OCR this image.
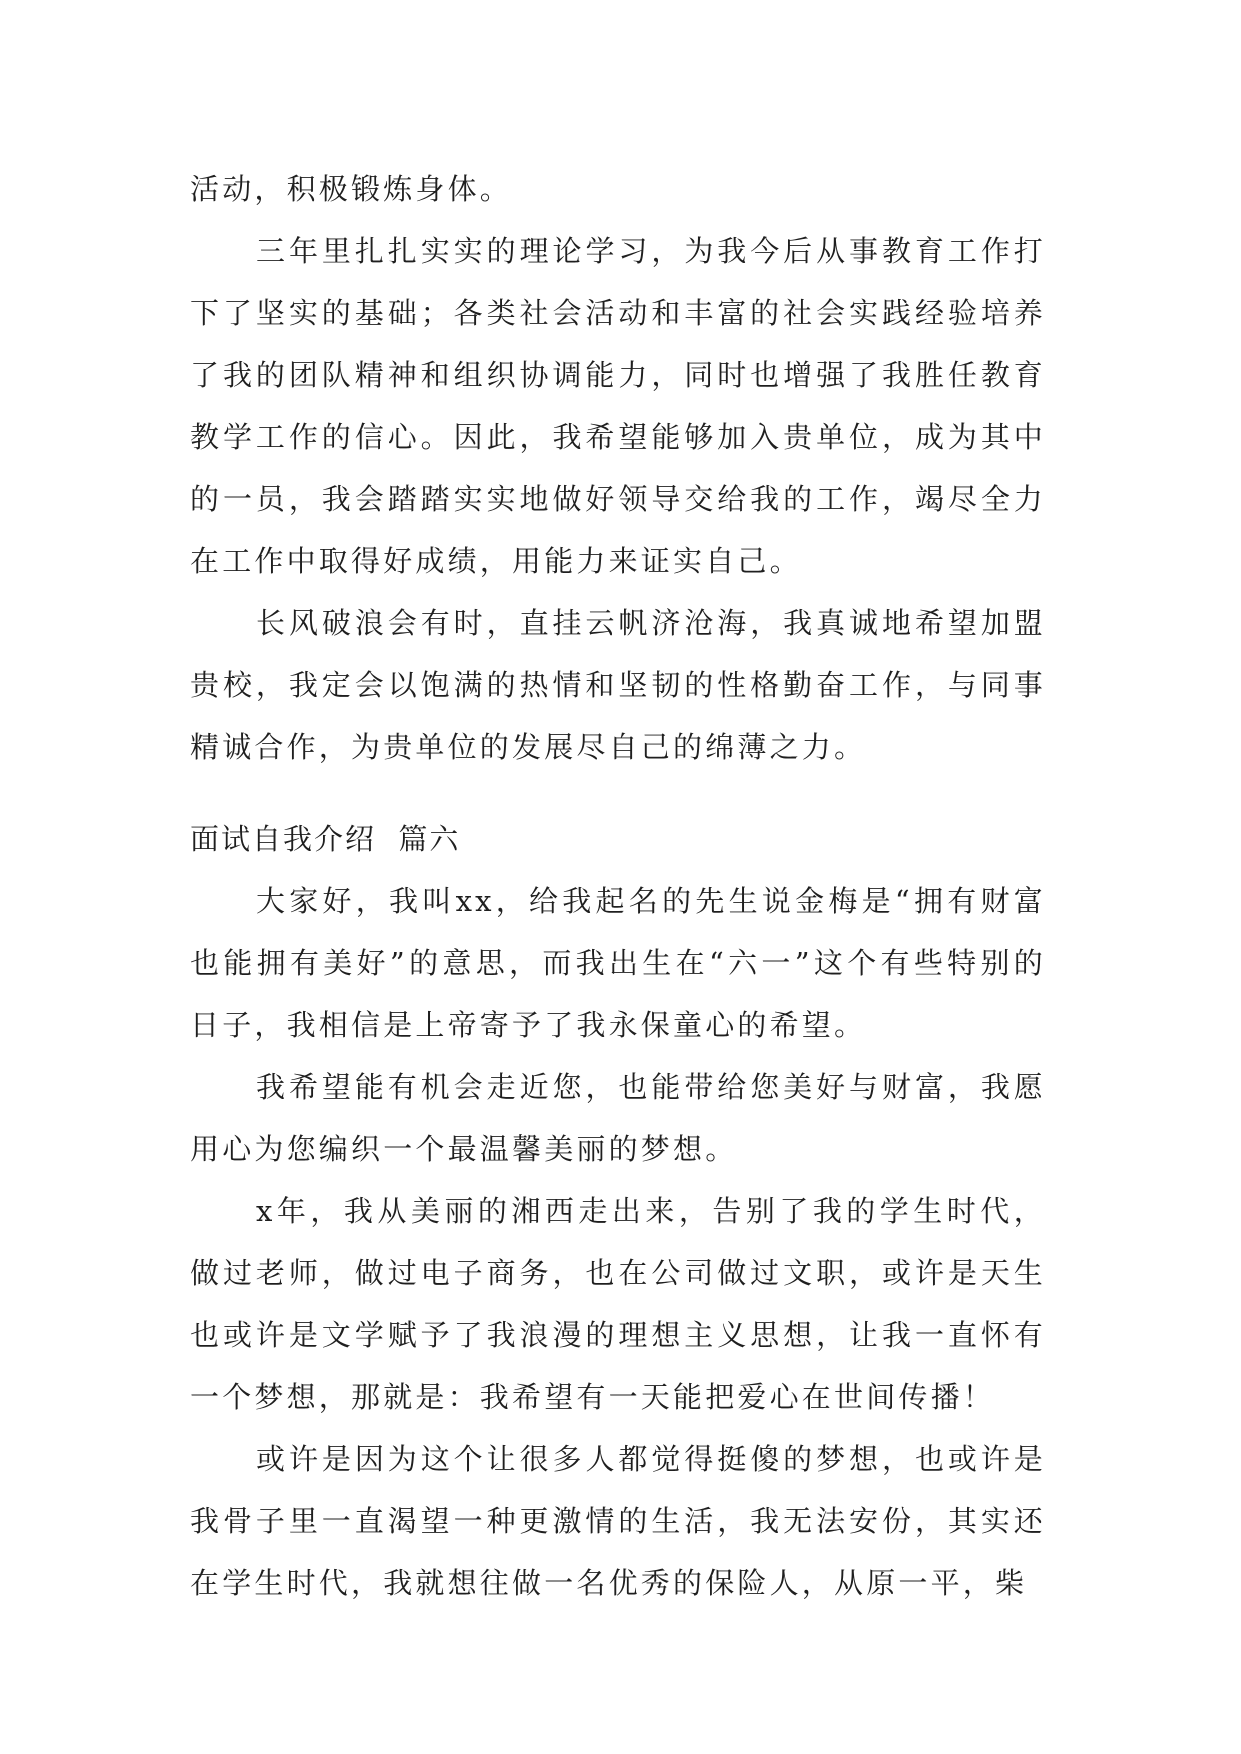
活动，积极锻炼身体。

三年里扎扎实实的理论学习，为我今后从事教育工作打下了坚实的基础；各类社会活动和丰富的社会实践经验培养了我的团队精神和组织协调能力，同时也增强了我胜任教育教学工作的信心。因此，我希望能够加入贵单位，成为其中的一员，我会踏踏实实地做好领导交给我的工作，竭尽全力在工作中取得好成绩，用能力来证实自己。

长风破浪会有时，直挂云帆济沧海，我真诚地希望加盟贵校，我定会以饱满的热情和坚韧的性格勤奋工作，与同事精诚合作，为贵单位的发展尽自己的绵薄之力。

面试自我介绍  篇六

大家好，我叫xx，给我起名的先生说金梅是“拥有财富也能拥有美好”的意思，而我出生在“六一”这个有些特别的日子，我相信是上帝寄予了我永保童心的希望。

我希望能有机会走近您，也能带给您美好与财富，我愿用心为您编织一个最温馨美丽的梦想。

x年，我从美丽的湘西走出来，告别了我的学生时代，做过老师，做过电子商务，也在公司做过文职，或许是天生也或许是文学赋予了我浪漫的理想主义思想，让我一直怀有一个梦想，那就是：我希望有一天能把爱心在世间传播！

或许是因为这个让很多人都觉得挺傻的梦想，也或许是我骨子里一直渴望一种更激情的生活，我无法安份，其实还在学生时代，我就想往做一名优秀的保险人，从原一平，柴
